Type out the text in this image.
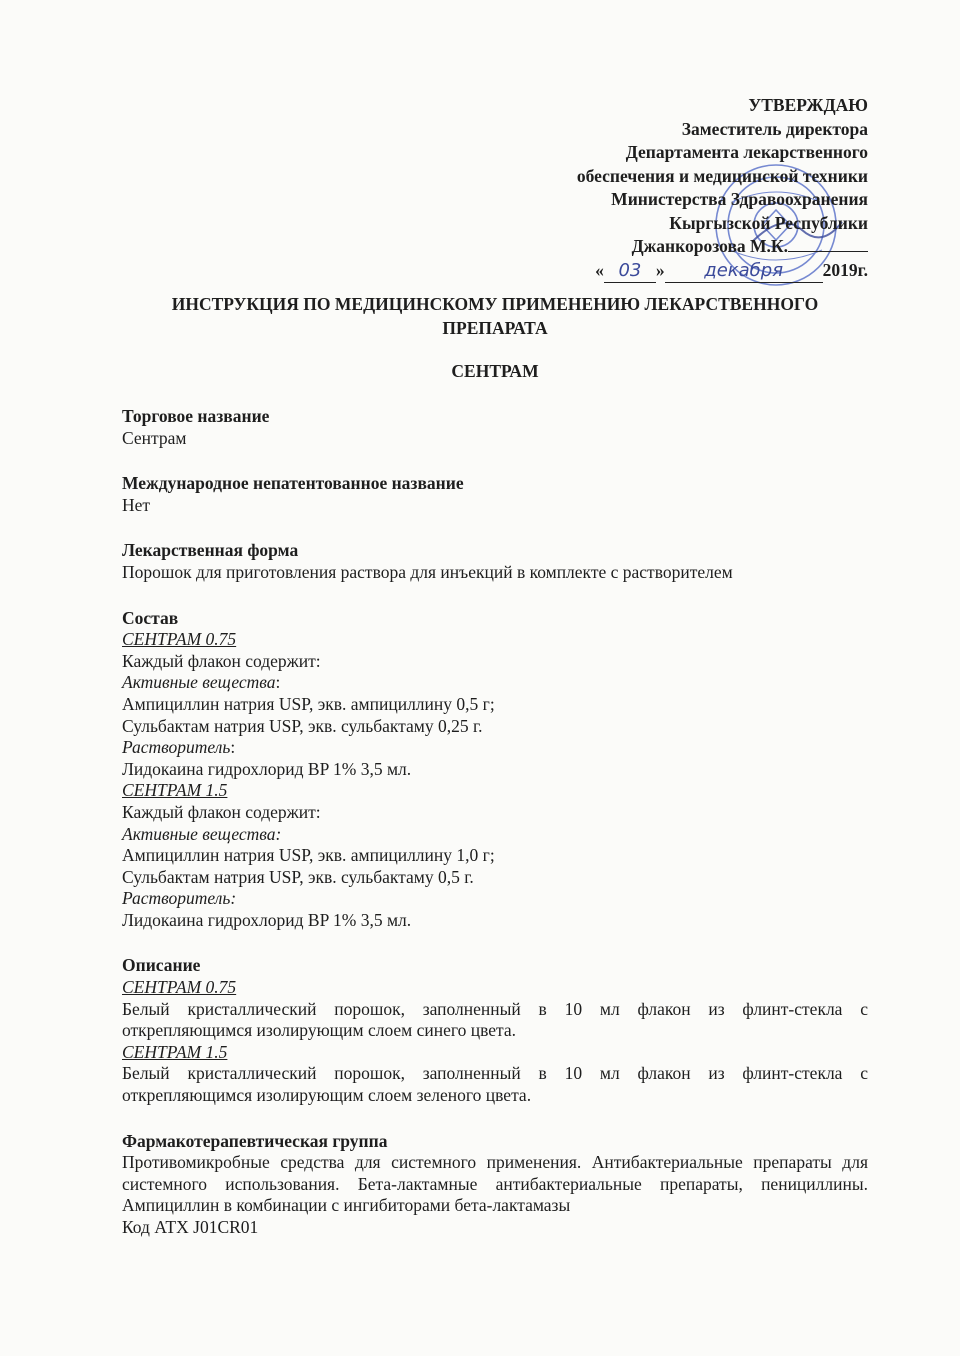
УТВЕРЖДАЮ
Заместитель директора
Департамента лекарственного
обеспечения и медицинской техники
Министерства Здравоохранения
Кыргызской Республики
Джанкорозова М.К.
« 03 » декабря 2019г.
ИНСТРУКЦИЯ ПО МЕДИЦИНСКОМУ ПРИМЕНЕНИЮ ЛЕКАРСТВЕННОГО ПРЕПАРАТА
СЕНТРАМ
Торговое название
Сентрам
Международное непатентованное название
Нет
Лекарственная форма
Порошок для приготовления раствора для инъекций в комплекте с растворителем
Состав
СЕНТРАМ 0.75
Каждый флакон содержит:
Активные вещества:
Ампициллин натрия USP, экв. ампициллину 0,5 г;
Сульбактам натрия USP, экв. сульбактаму 0,25 г.
Растворитель:
Лидокаина гидрохлорид BP 1% 3,5 мл.
СЕНТРАМ 1.5
Каждый флакон содержит:
Активные вещества:
Ампициллин натрия USP, экв. ампициллину 1,0 г;
Сульбактам натрия USP, экв. сульбактаму 0,5 г.
Растворитель:
Лидокаина гидрохлорид BP 1% 3,5 мл.
Описание
СЕНТРАМ 0.75
Белый кристаллический порошок, заполненный в 10 мл флакон из флинт-стекла с открепляющимся изолирующим слоем синего цвета.
СЕНТРАМ 1.5
Белый кристаллический порошок, заполненный в 10 мл флакон из флинт-стекла с открепляющимся изолирующим слоем зеленого цвета.
Фармакотерапевтическая группа
Противомикробные средства для системного применения. Антибактериальные препараты для системного использования. Бета-лактамные антибактериальные препараты, пенициллины. Ампициллин в комбинации с ингибиторами бета-лактамазы
Код АТХ J01CR01
